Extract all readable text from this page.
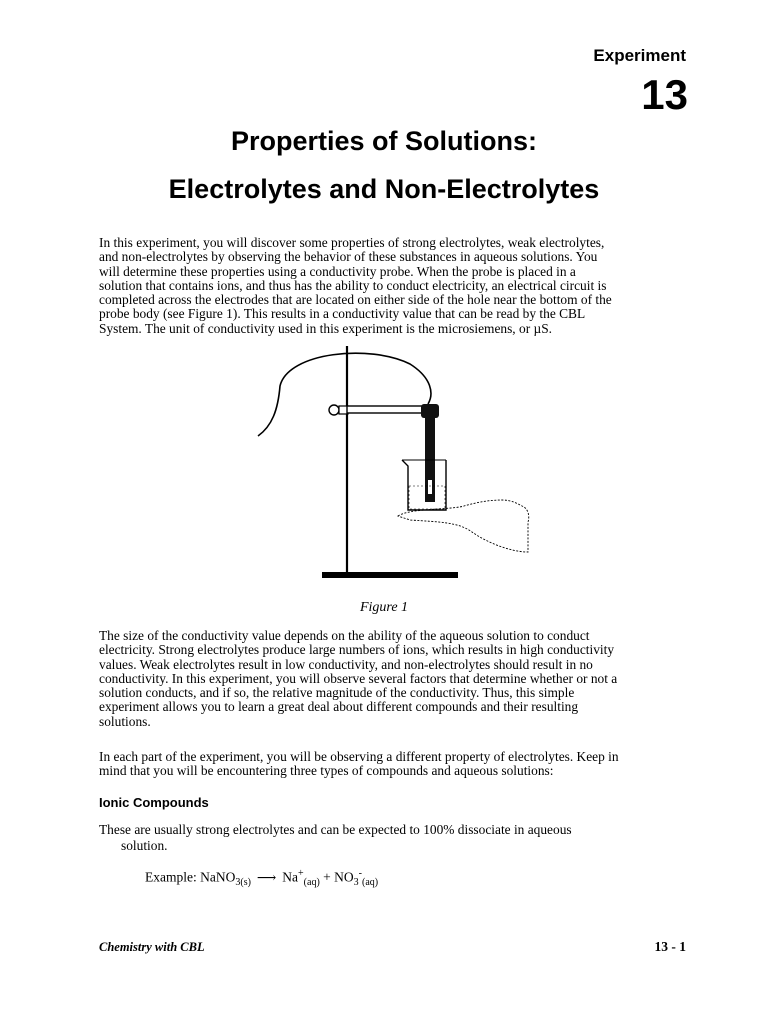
Experiment
13
Properties of Solutions:
Electrolytes and Non-Electrolytes
In this experiment, you will discover some properties of strong electrolytes, weak electrolytes,
and non-electrolytes by observing the behavior of these substances in aqueous solutions. You
will determine these properties using a conductivity probe. When the probe is placed in a
solution that contains ions, and thus has the ability to conduct electricity, an electrical circuit is
completed across the electrodes that are located on either side of the hole near the bottom of the
probe body (see Figure 1). This results in a conductivity value that can be read by the CBL
System. The unit of conductivity used in this experiment is the microsiemens, or µS.
Figure 1
The size of the conductivity value depends on the ability of the aqueous solution to conduct
electricity. Strong electrolytes produce large numbers of ions, which results in high conductivity
values. Weak electrolytes result in low conductivity, and non-electrolytes should result in no
conductivity. In this experiment, you will observe several factors that determine whether or not a
solution conducts, and if so, the relative magnitude of the conductivity. Thus, this simple
experiment allows you to learn a great deal about different compounds and their resulting
solutions.
In each part of the experiment, you will be observing a different property of electrolytes. Keep in
mind that you will be encountering three types of compounds and aqueous solutions:
Ionic Compounds
These are usually strong electrolytes and can be expected to 100% dissociate in aqueous
solution.
Example: NaNO$_{3(s)}$ ⟶ $Na^+_{(aq)} + NO_3^-_{(aq)}$
Chemistry with CBL	13 - 1
